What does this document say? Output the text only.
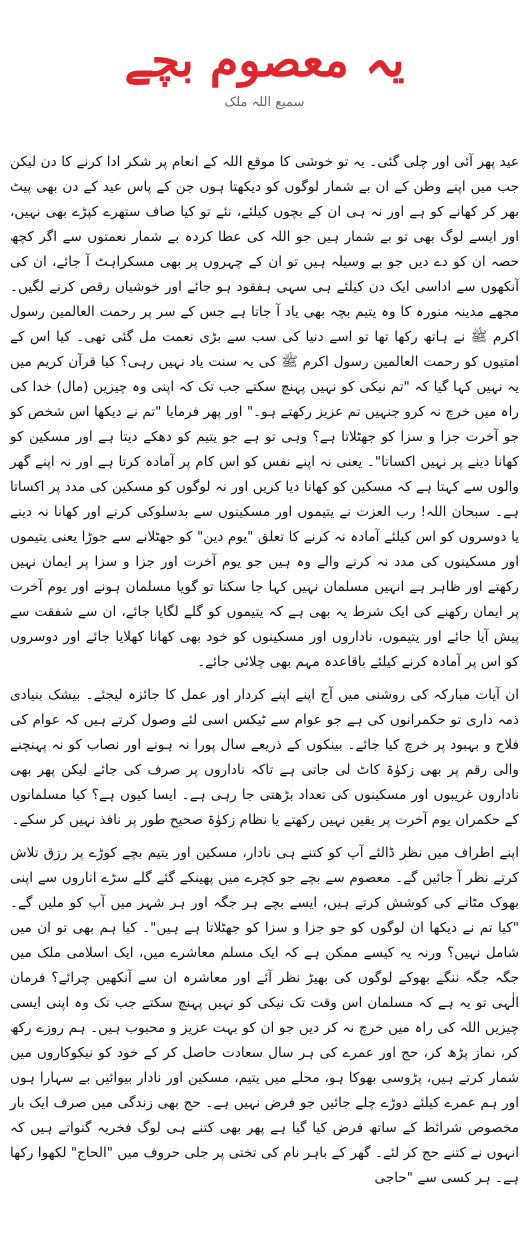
یہ معصوم بچے
سمیع اللہ ملک

عید پھر آئی اور چلی گئی۔ یہ تو خوشی کا موقع اللہ کے انعام پر شکر ادا کرنے کا دن لیکن جب میں اپنے وطن کے ان بے شمار لوگوں کو دیکھتا ہوں جن کے پاس عید کے دن بھی پیٹ بھر کر کھانے کو ہے اور نہ ہی ان کے بچوں کیلئے، نئے تو کیا صاف ستھرے کپڑے بھی نہیں، اور ایسے لوگ بھی تو بے شمار ہیں جو اللہ کی عطا کردہ بے شمار نعمتوں سے اگر کچھ حصہ ان کو دے دیں جو بے وسیلہ ہیں تو ان کے چہروں پر بھی مسکراہٹ آ جائے، ان کی آنکھوں سے اداسی ایک دن کیلئے ہی سہی ہفقود ہو جائے اور خوشیاں رقص کرنے لگیں۔ مجھے مدینہ منورہ کا وہ یتیم بچہ بھی یاد آ جاتا ہے جس کے سر پر رحمت العالمین رسول اکرم ﷺ نے ہاتھ رکھا تھا تو اسے دنیا کی سب سے بڑی نعمت مل گئی تھی۔ کیا اس کے امتیوں کو رحمت العالمین رسول اکرم ﷺ کی یہ سنت یاد نہیں رہی؟ کیا قرآن کریم میں یہ نہیں کہا گیا کہ "تم نیکی کو نہیں پہنچ سکتے جب تک کہ اپنی وہ چیزیں (مال) خدا کی راہ میں خرچ نہ کرو جنہیں تم عزیز رکھتے ہو۔" اور پھر فرمایا "تم نے دیکھا اس شخص کو جو آخرت جزا و سزا کو جھٹلاتا ہے؟ وہی تو ہے جو یتیم کو دھکے دیتا ہے اور مسکین کو کھانا دینے پر نہیں اکساتا"۔ یعنی نہ اپنے نفس کو اس کام پر آمادہ کرتا ہے اور نہ اپنے گھر والوں سے کہتا ہے کہ مسکین کو کھانا دیا کریں اور نہ لوگوں کو مسکین کی مدد پر اکساتا ہے۔ سبحان اللہ! رب العزت نے یتیموں اور مسکینوں سے بدسلوکی کرنے اور کھانا نہ دینے یا دوسروں کو اس کیلئے آمادہ نہ کرنے کا تعلق "یوم دین" کو جھٹلانے سے جوڑا یعنی یتیموں اور مسکینوں کی مدد نہ کرنے والے وہ ہیں جو یوم آخرت اور جزا و سزا پر ایمان نہیں رکھتے اور ظاہر ہے انہیں مسلمان نہیں کہا جا سکتا تو گویا مسلمان ہونے اور یوم آخرت پر ایمان رکھنے کی ایک شرط یہ بھی ہے کہ یتیموں کو گلے لگایا جائے، ان سے شفقت سے پیش آیا جائے اور یتیموں، ناداروں اور مسکینوں کو خود بھی کھانا کھلایا جائے اور دوسروں کو اس پر آمادہ کرنے کیلئے باقاعدہ مہم بھی چلائی جائے۔

ان آیات مبارکہ کی روشنی میں آج اپنے اپنے کردار اور عمل کا جائزہ لیجئے۔ بیشک بنیادی ذمہ داری تو حکمرانوں کی ہے جو عوام سے ٹیکس اسی لئے وصول کرتے ہیں کہ عوام کی فلاح و بہبود پر خرچ کیا جائے۔ بینکوں کے ذریعے سال پورا نہ ہونے اور نصاب کو نہ پہنچنے والی رقم پر بھی زکوٰۃ کاٹ لی جاتی ہے تاکہ ناداروں پر صرف کی جائے لیکن پھر بھی ناداروں غریبوں اور مسکینوں کی تعداد بڑھتی جا رہی ہے۔ ایسا کیوں ہے؟ کیا مسلمانوں کے حکمران یوم آخرت پر یقین نہیں رکھتے یا نظام زکوٰۃ صحیح طور پر نافذ نہیں کر سکے۔

اپنے اطراف میں نظر ڈالئے آپ کو کتنے ہی نادار، مسکین اور یتیم بچے کوڑے پر رزق تلاش کرتے نظر آ جائیں گے۔ معصوم سے بچے جو کچرے میں پھینکے گئے گلے سڑے اناروں سے اپنی بھوک مٹانے کی کوشش کرتے ہیں، ایسے بچے ہر جگہ اور ہر شہر میں آپ کو ملیں گے۔ "کیا تم نے دیکھا ان لوگوں کو جو جزا و سزا کو جھٹلاتا ہے ہیں"۔ کیا ہم بھی تو ان میں شامل نہیں؟ ورنہ یہ کیسے ممکن ہے کہ ایک مسلم معاشرے میں، ایک اسلامی ملک میں جگہ جگہ ننگے بھوکے لوگوں کی بھیڑ نظر آئے اور معاشرہ ان سے آنکھیں چرائے؟ فرمان الٰہی تو یہ ہے کہ مسلمان اس وقت تک نیکی کو نہیں پہنچ سکتے جب تک وہ اپنی ایسی چیزیں اللہ کی راہ میں خرچ نہ کر دیں جو ان کو بہت عزیز و محبوب ہیں۔ ہم روزے رکھ کر، نماز پڑھ کر، حج اور عمرے کی ہر سال سعادت حاصل کر کے خود کو نیکوکاروں میں شمار کرتے ہیں، پڑوسی بھوکا ہو، محلے میں یتیم، مسکین اور نادار بیوائیں بے سہارا ہوں اور ہم عمرے کیلئے دوڑے چلے جائیں جو فرض نہیں ہے۔ حج بھی زندگی میں صرف ایک بار مخصوص شرائط کے ساتھ فرض کیا گیا ہے پھر بھی کتنے ہی لوگ فخریہ گنواتے ہیں کہ انہوں نے کتنے حج کر لئے۔ گھر کے باہر نام کی تختی پر جلی حروف میں "الحاج" لکھوا رکھا ہے۔ ہر کسی سے "حاجی
